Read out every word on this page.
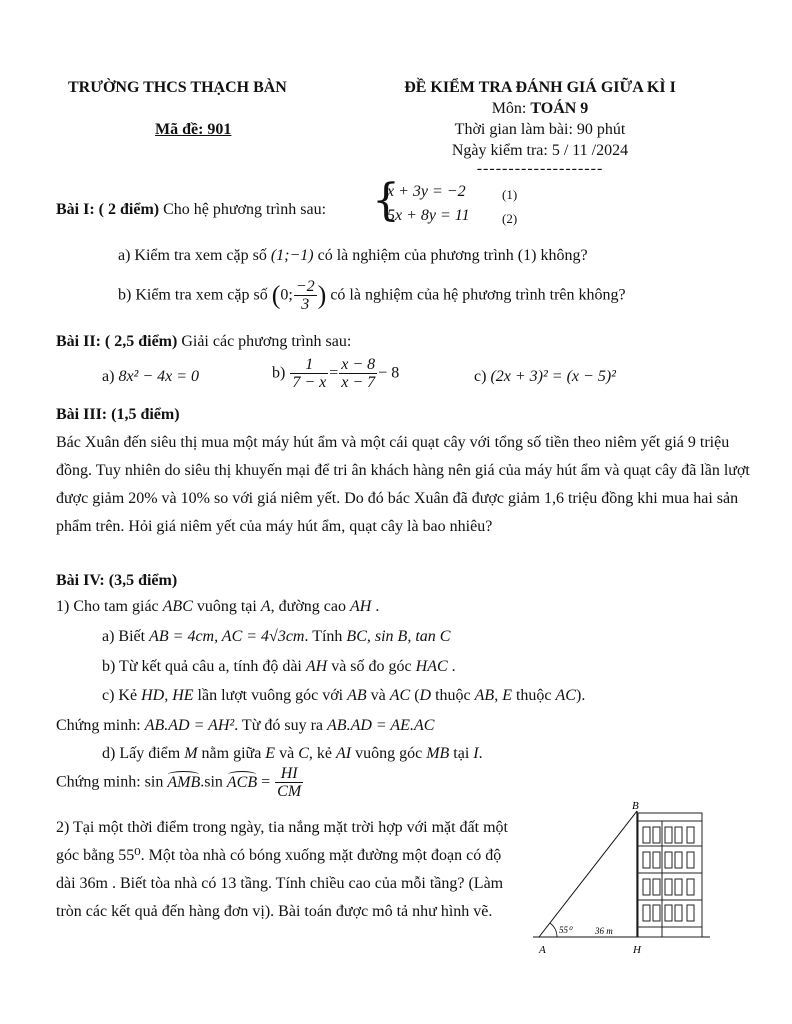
TRƯỜNG THCS THẠCH BÀN
Mã đề: 901
ĐỀ KIỂM TRA ĐÁNH GIÁ GIỮA KÌ I
Môn: TOÁN 9
Thời gian làm bài: 90 phút
Ngày kiểm tra: 5 / 11 /2024
--------------------
Bài I: ( 2 điểm) Cho hệ phương trình sau: {
x + 3y = −2	(1)
5x + 8y = 11 (2)
a) Kiểm tra xem cặp số (1;−1) có là nghiệm của phương trình (1) không?
b) Kiểm tra xem cặp số (0; $\frac{-2}{3}$ ) có là nghiệm của hệ phương trình trên không?
Bài II: ( 2,5 điểm) Giải các phương trình sau:
a) 8x² − 4x = 0	$b) \frac{1}{7 - x} = \frac{x - 8}{x - 7} - 8$	c) (2x + 3)² = (x − 5)²
Bài III: (1,5 điểm)
Bác Xuân đến siêu thị mua một máy hút ẩm và một cái quạt cây với tổng số tiền theo niêm yết giá 9 triệu đồng. Tuy nhiên do siêu thị khuyến mại để tri ân khách hàng nên giá của máy hút ẩm và quạt cây đã lần lượt được giảm 20% và 10% so với giá niêm yết. Do đó bác Xuân đã được giảm 1,6 triệu đồng khi mua hai sản phẩm trên. Hỏi giá niêm yết của máy hút ẩm, quạt cây là bao nhiêu?
Bài IV: (3,5 điểm)
1) Cho tam giác ABC vuông tại A, đường cao AH .
a) Biết AB = 4cm, AC = 4√3cm. Tính BC, sin B, tan C
b) Từ kết quả câu a, tính độ dài AH và số đo góc HAC .
c) Kẻ HD, HE lần lượt vuông góc với AB và AC (D thuộc AB, E thuộc AC).
Chứng minh: AB.AD = AH². Từ đó suy ra AB.AD = AE.AC
d) Lấy điểm M nằm giữa E và C, kẻ AI vuông góc MB tại I.
Chứng minh: sin AMB.sin ACB = $\frac{HI}{CM}$
2) Tại một thời điểm trong ngày, tia nắng mặt trời hợp với mặt đất một góc bằng 55⁰. Một tòa nhà có bóng xuống mặt đường một đoạn có độ dài 36m . Biết tòa nhà có 13 tầng. Tính chiều cao của mỗi tầng? (Làm tròn các kết quả đến hàng đơn vị). Bài toán được mô tả như hình vẽ.
B
A	H
55⁰	36 m
